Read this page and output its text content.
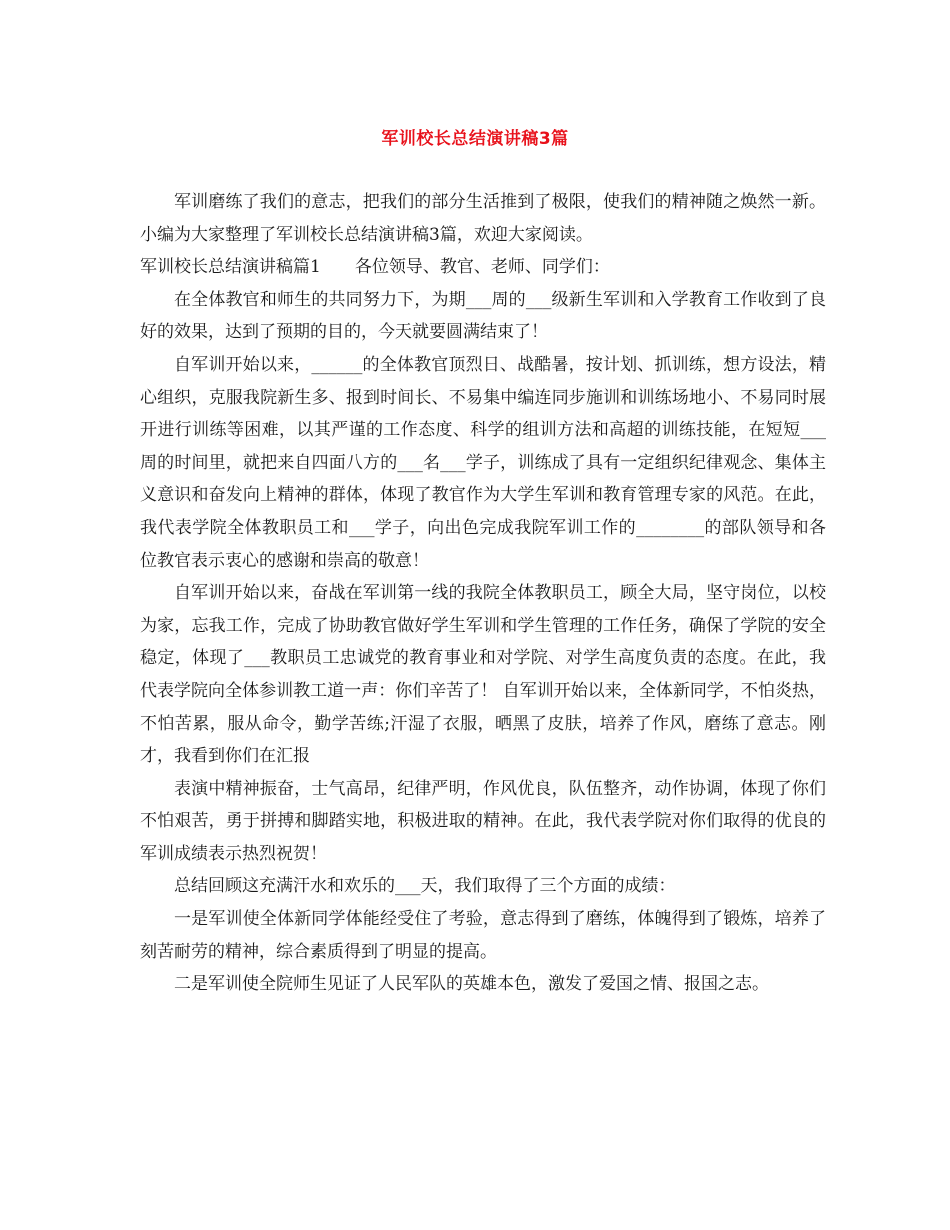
军训校长总结演讲稿3篇

军训磨练了我们的意志，把我们的部分生活推到了极限，使我们的精神随之焕然一新。小编为大家整理了军训校长总结演讲稿3篇，欢迎大家阅读。

军训校长总结演讲稿篇1　　各位领导、教官、老师、同学们：

在全体教官和师生的共同努力下，为期___周的___级新生军训和入学教育工作收到了良好的效果，达到了预期的目的，今天就要圆满结束了！

自军训开始以来，______的全体教官顶烈日、战酷暑，按计划、抓训练，想方设法，精心组织，克服我院新生多、报到时间长、不易集中编连同步施训和训练场地小、不易同时展开进行训练等困难，以其严谨的工作态度、科学的组训方法和高超的训练技能，在短短___周的时间里，就把来自四面八方的___名___学子，训练成了具有一定组织纪律观念、集体主义意识和奋发向上精神的群体，体现了教官作为大学生军训和教育管理专家的风范。在此，我代表学院全体教职员工和___学子，向出色完成我院军训工作的________的部队领导和各位教官表示衷心的感谢和崇高的敬意！

自军训开始以来，奋战在军训第一线的我院全体教职员工，顾全大局，坚守岗位，以校为家，忘我工作，完成了协助教官做好学生军训和学生管理的工作任务，确保了学院的安全稳定，体现了___教职员工忠诚党的教育事业和对学院、对学生高度负责的态度。在此，我代表学院向全体参训教工道一声：你们辛苦了！ 自军训开始以来，全体新同学，不怕炎热，不怕苦累，服从命令，勤学苦练;汗湿了衣服，晒黑了皮肤，培养了作风，磨练了意志。刚才，我看到你们在汇报

表演中精神振奋，士气高昂，纪律严明，作风优良，队伍整齐，动作协调，体现了你们不怕艰苦，勇于拼搏和脚踏实地，积极进取的精神。在此，我代表学院对你们取得的优良的军训成绩表示热烈祝贺！

总结回顾这充满汗水和欢乐的___天，我们取得了三个方面的成绩：

一是军训使全体新同学体能经受住了考验，意志得到了磨练，体魄得到了锻炼，培养了刻苦耐劳的精神，综合素质得到了明显的提高。

二是军训使全院师生见证了人民军队的英雄本色，激发了爱国之情、报国之志。
